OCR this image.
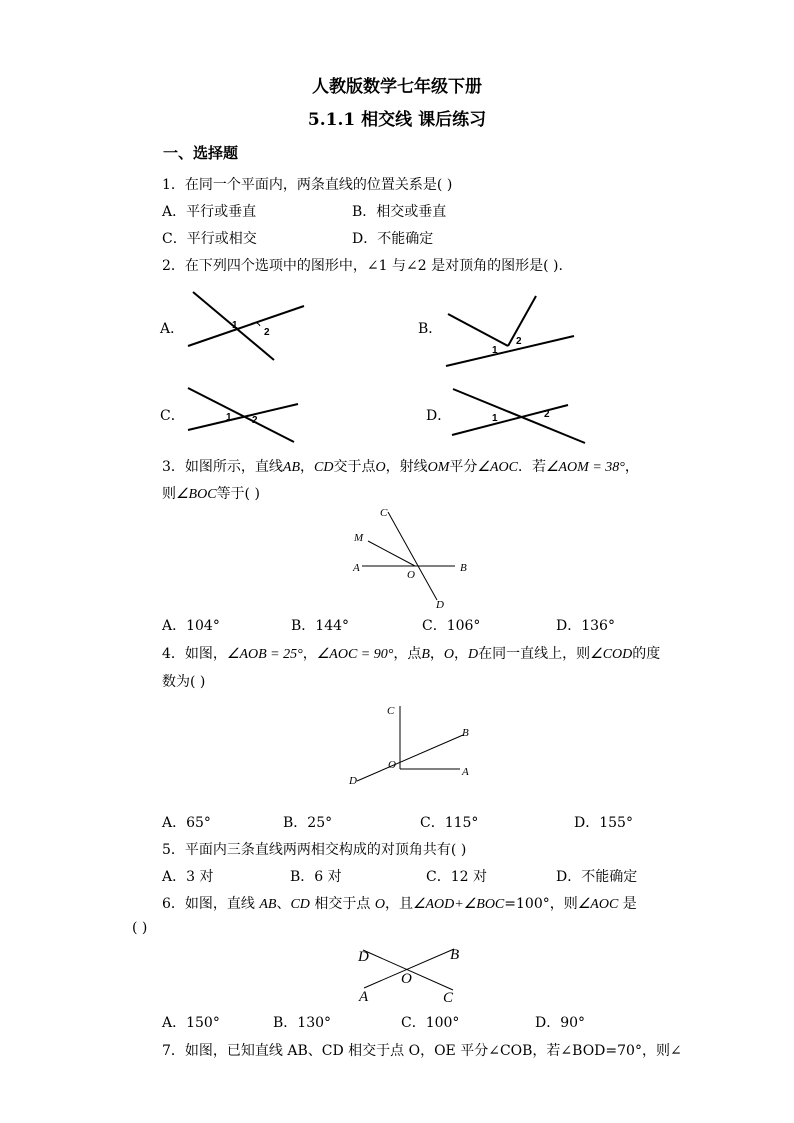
人教版数学七年级下册
5.1.1 相交线 课后练习
一、选择题
1．在同一个平面内，两条直线的位置关系是( )
A．平行或垂直	B．相交或垂直
C．平行或相交	D．不能确定
2．在下列四个选项中的图形中，∠1 与∠2 是对顶角的图形是( ).
A．	B．
C．	D．
1
2
1
2
1 2	1	2
3．如图所示，直线AB，CD交于点O，射线OM平分∠AOC．若∠AOM = 38°，
则∠BOC等于( )
C
M
A
O
B
D
A．104°	B．144°	C．106°	D．136°
4．如图，∠AOB = 25°，∠AOC = 90°，点B，O，D在同一直线上，则∠COD的度
数为( )
C
B
O
A
D
A．65°	B．25°	C．115°	D．155°
5．平面内三条直线两两相交构成的对顶角共有( )
A．3 对	B．6 对	C．12 对	D．不能确定
6．如图，直线 AB、CD 相交于点 O，且∠AOD+∠BOC=100°，则∠AOC 是
( )
D	B
O
A	C
A．150°	B．130°	C．100°	D．90°
7．如图，已知直线 AB、CD 相交于点 O，OE 平分∠COB，若∠BOD=70°，则∠
